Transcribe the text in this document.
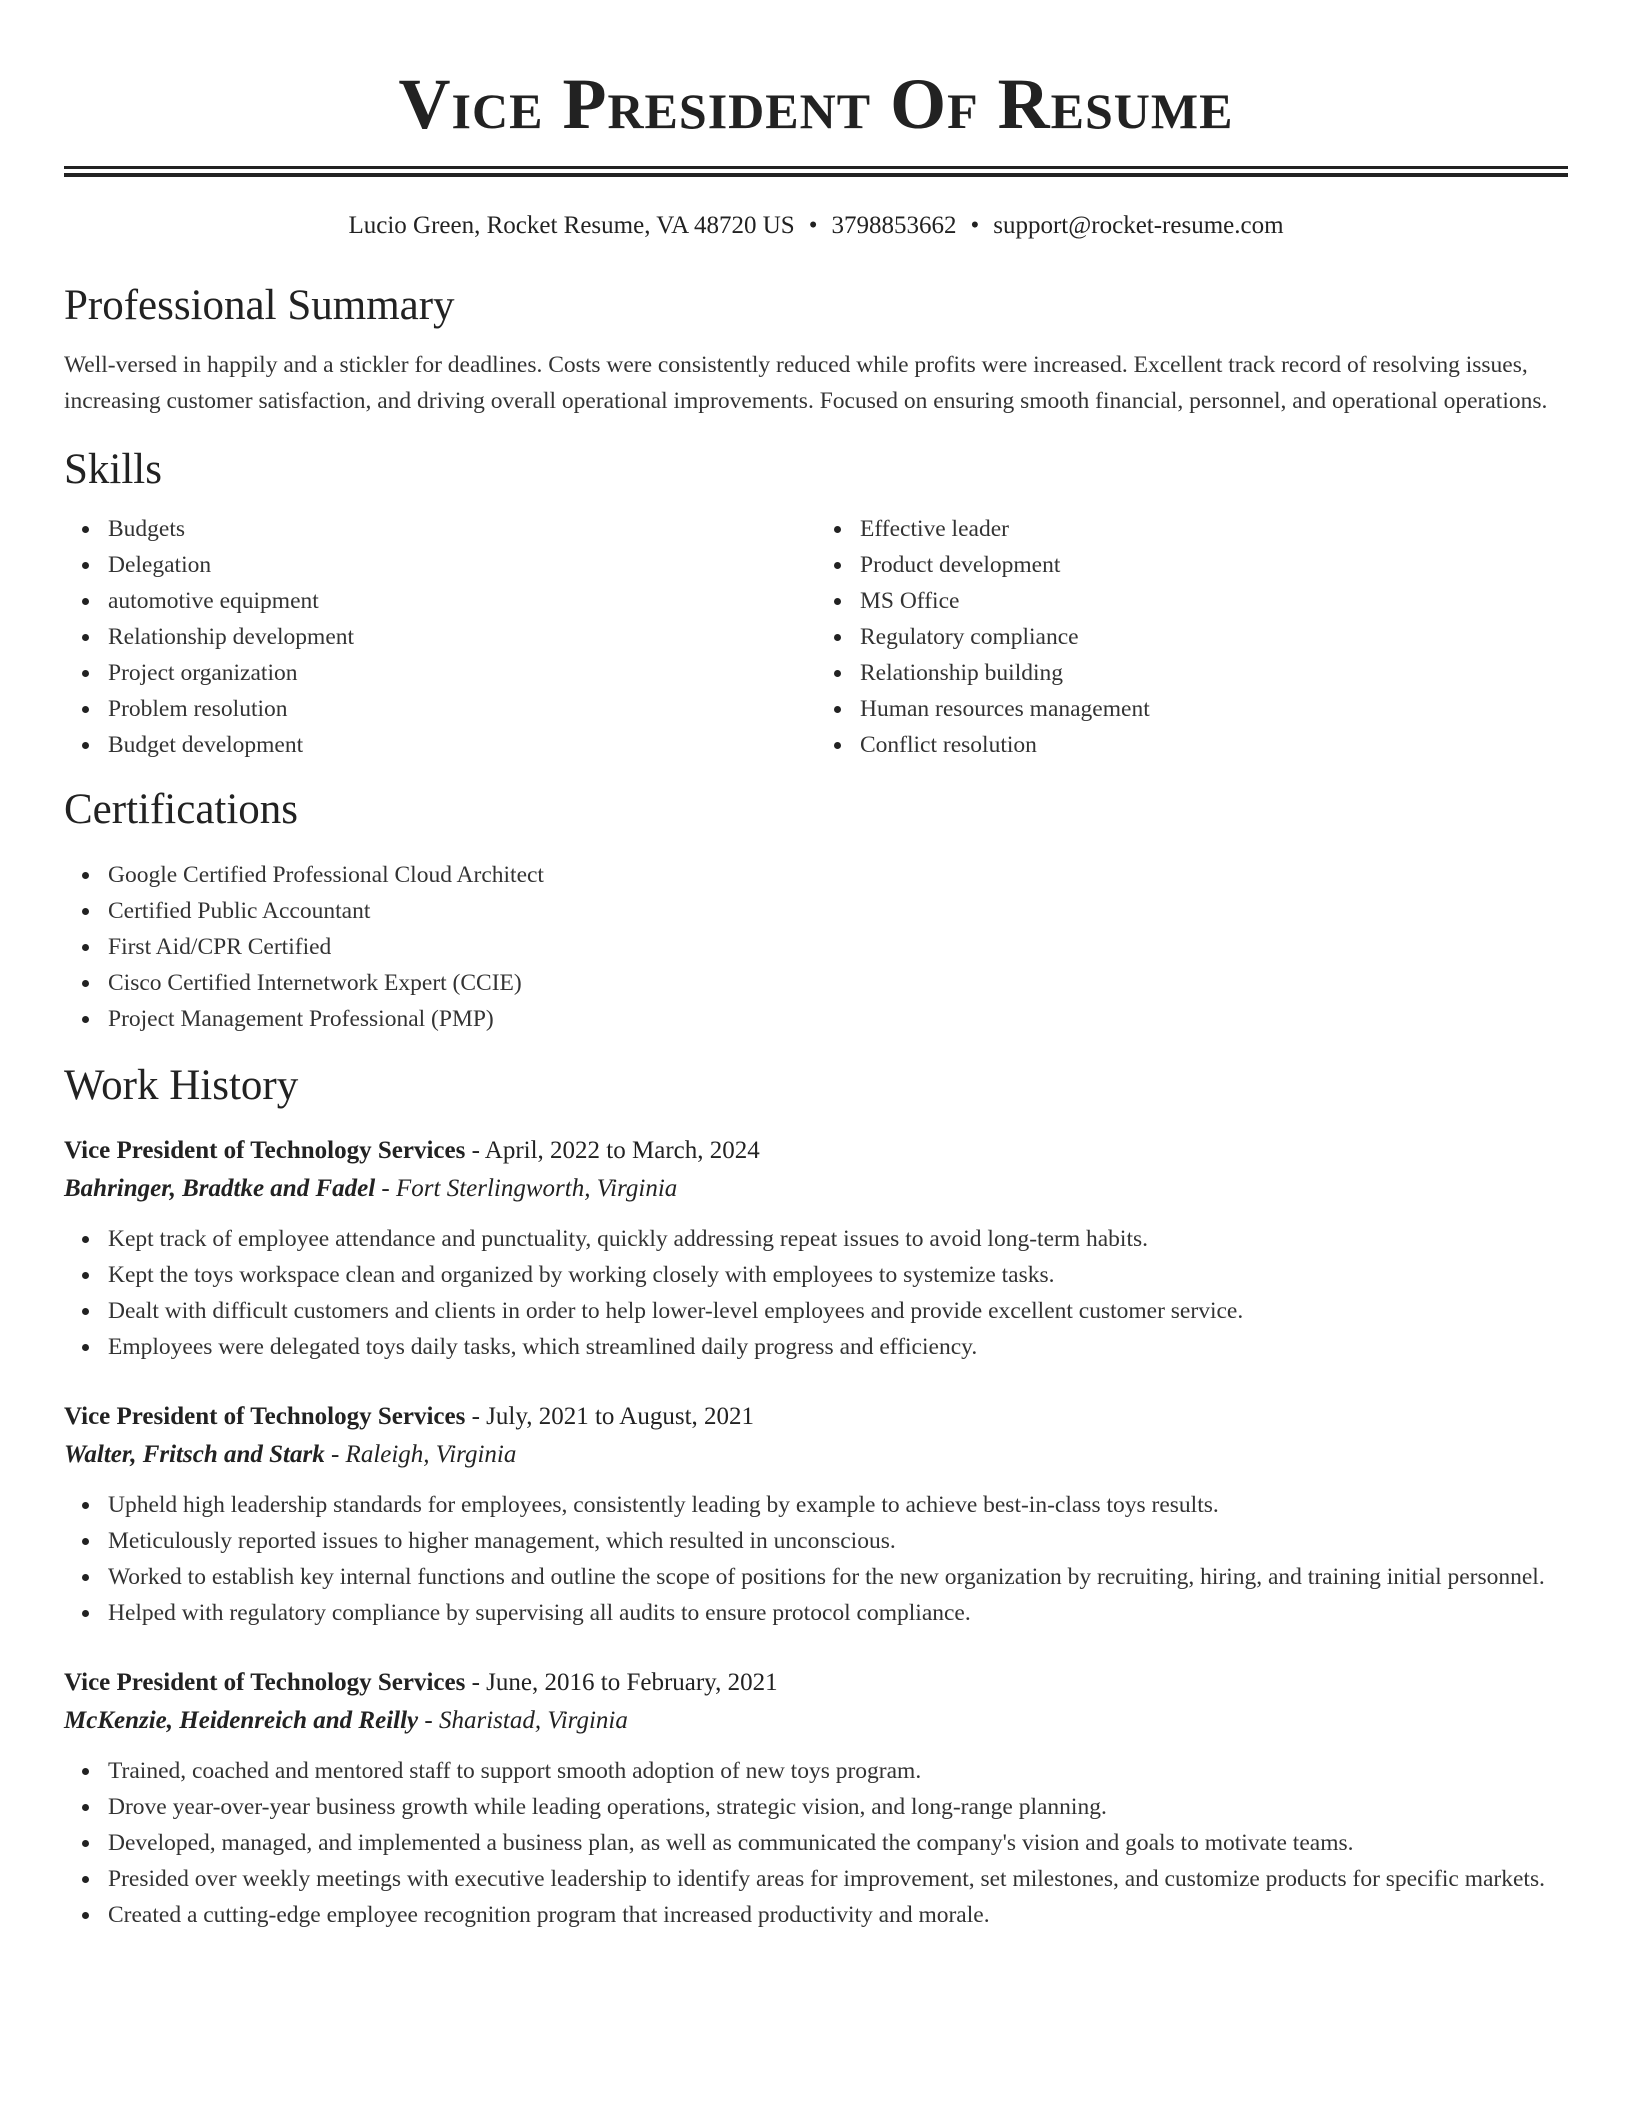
Vice President Of Resume
Lucio Green, Rocket Resume, VA 48720 US • 3798853662 • support@rocket-resume.com
Professional Summary

Well-versed in happily and a stickler for deadlines. Costs were consistently reduced while profits were increased. Excellent track record of resolving issues, increasing customer satisfaction, and driving overall operational improvements. Focused on ensuring smooth financial, personnel, and operational operations.

Skills
Budgets
Delegation
automotive equipment
Relationship development
Project organization
Problem resolution
Budget development
Effective leader
Product development
MS Office
Regulatory compliance
Relationship building
Human resources management
Conflict resolution
Certifications
Google Certified Professional Cloud Architect
Certified Public Accountant
First Aid/CPR Certified
Cisco Certified Internetwork Expert (CCIE)
Project Management Professional (PMP)
Work History
Vice President of Technology Services - April, 2022 to March, 2024
Bahringer, Bradtke and Fadel - Fort Sterlingworth, Virginia
Kept track of employee attendance and punctuality, quickly addressing repeat issues to avoid long-term habits.
Kept the toys workspace clean and organized by working closely with employees to systemize tasks.
Dealt with difficult customers and clients in order to help lower-level employees and provide excellent customer service.
Employees were delegated toys daily tasks, which streamlined daily progress and efficiency.
Vice President of Technology Services - July, 2021 to August, 2021
Walter, Fritsch and Stark - Raleigh, Virginia
Upheld high leadership standards for employees, consistently leading by example to achieve best-in-class toys results.
Meticulously reported issues to higher management, which resulted in unconscious.
Worked to establish key internal functions and outline the scope of positions for the new organization by recruiting, hiring, and training initial personnel.
Helped with regulatory compliance by supervising all audits to ensure protocol compliance.
Vice President of Technology Services - June, 2016 to February, 2021
McKenzie, Heidenreich and Reilly - Sharistad, Virginia
Trained, coached and mentored staff to support smooth adoption of new toys program.
Drove year-over-year business growth while leading operations, strategic vision, and long-range planning.
Developed, managed, and implemented a business plan, as well as communicated the company's vision and goals to motivate teams.
Presided over weekly meetings with executive leadership to identify areas for improvement, set milestones, and customize products for specific markets.
Created a cutting-edge employee recognition program that increased productivity and morale.
